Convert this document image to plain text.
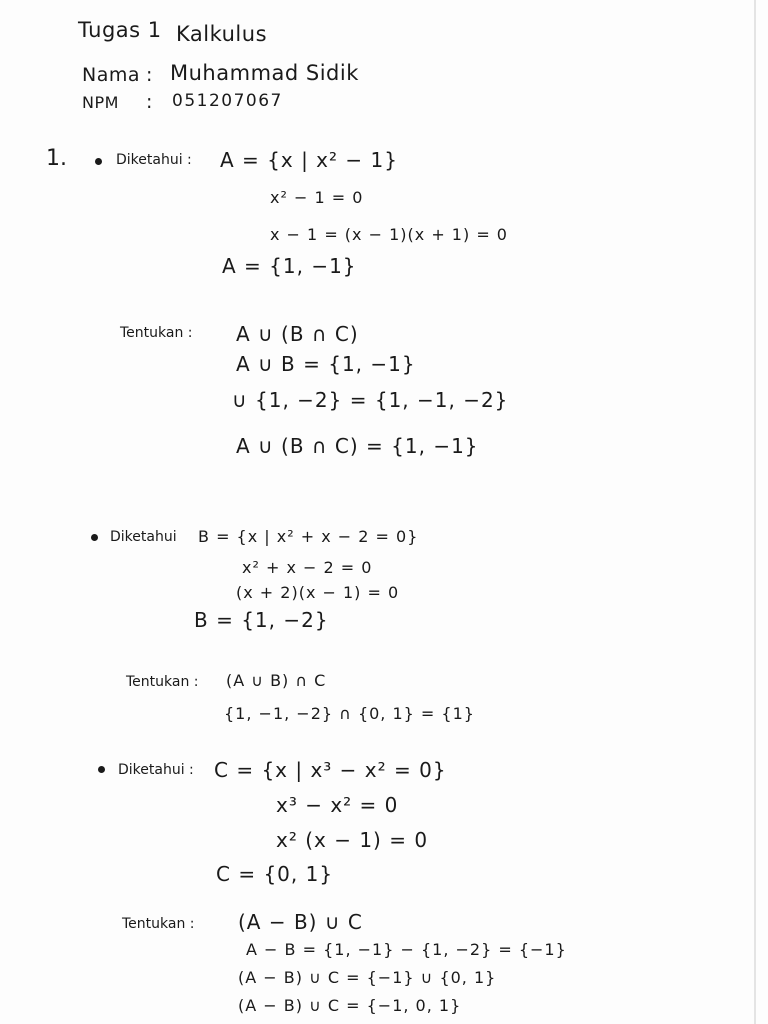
Tugas 1 Kalkulus
Nama : Muhammad Sidik
NPM : 051207067
1.	Diketahui : A = {x | x² − 1}
x² − 1 = 0
x − 1 = (x − 1)(x + 1) = 0
A = {1, −1}
Tentukan : A ∪ (B ∩ C)
A ∪ B = {1, −1}
∪ {1, −2} = {1, −1, −2}
A ∪ (B ∩ C) = {1, −1}
Diketahui B = {x | x² + x − 2 = 0}
x² + x − 2 = 0
(x + 2)(x − 1) = 0
B = {1, −2}
Tentukan : (A ∪ B) ∩ C
{1, −1, −2} ∩ {0, 1} = {1}
Diketahui : C = {x | x³ − x² = 0}
x³ − x² = 0
x² (x − 1) = 0
C = {0, 1}
Tentukan : (A − B) ∪ C
A − B = {1, −1} − {1, −2} = {−1}
(A − B) ∪ C = {−1} ∪ {0, 1}
(A − B) ∪ C = {−1, 0, 1}
